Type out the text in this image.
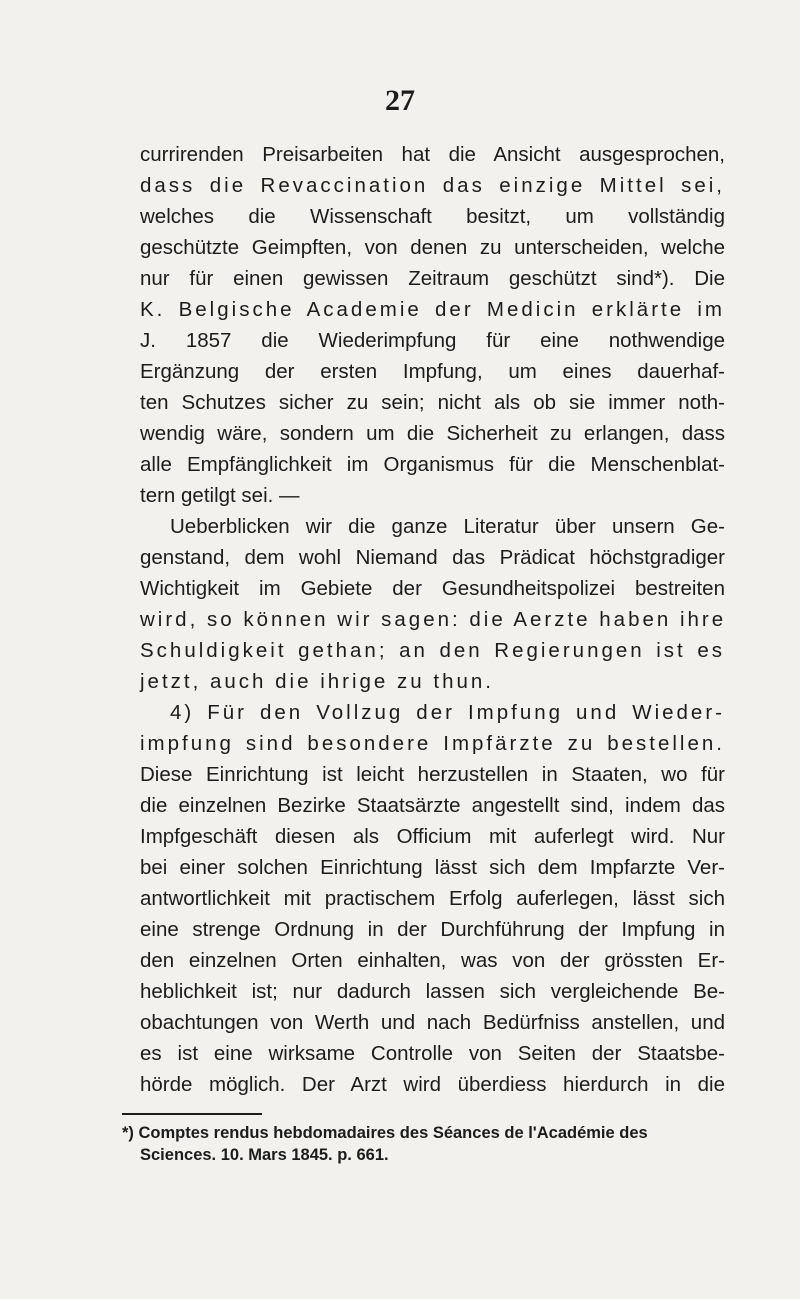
27
currirenden Preisarbeiten hat die Ansicht ausgesprochen,
dass die Revaccination das einzige Mittel sei,
welches die Wissenschaft besitzt, um vollständig
geschützte Geimpften, von denen zu unterscheiden, welche
nur für einen gewissen Zeitraum geschützt sind*). Die
K. Belgische Academie der Medicin erklärte im
J. 1857 die Wiederimpfung für eine nothwendige
Ergänzung der ersten Impfung, um eines dauerhaf-
ten Schutzes sicher zu sein; nicht als ob sie immer noth-
wendig wäre, sondern um die Sicherheit zu erlangen, dass
alle Empfänglichkeit im Organismus für die Menschenblat-
tern getilgt sei. —
Ueberblicken wir die ganze Literatur über unsern Ge-
genstand, dem wohl Niemand das Prädicat höchstgradiger
Wichtigkeit im Gebiete der Gesundheitspolizei bestreiten
wird, so können wir sagen: die Aerzte haben ihre
Schuldigkeit gethan; an den Regierungen ist es
jetzt, auch die ihrige zu thun.
4) Für den Vollzug der Impfung und Wieder-
impfung sind besondere Impfärzte zu bestellen.
Diese Einrichtung ist leicht herzustellen in Staaten, wo für
die einzelnen Bezirke Staatsärzte angestellt sind, indem das
Impfgeschäft diesen als Officium mit auferlegt wird. Nur
bei einer solchen Einrichtung lässt sich dem Impfarzte Ver-
antwortlichkeit mit practischem Erfolg auferlegen, lässt sich
eine strenge Ordnung in der Durchführung der Impfung in
den einzelnen Orten einhalten, was von der grössten Er-
heblichkeit ist; nur dadurch lassen sich vergleichende Be-
obachtungen von Werth und nach Bedürfniss anstellen, und
es ist eine wirksame Controlle von Seiten der Staatsbe-
hörde möglich. Der Arzt wird überdiess hierdurch in die
*) Comptes rendus hebdomadaires des Séances de l'Académie des
Sciences. 10. Mars 1845. p. 661.
